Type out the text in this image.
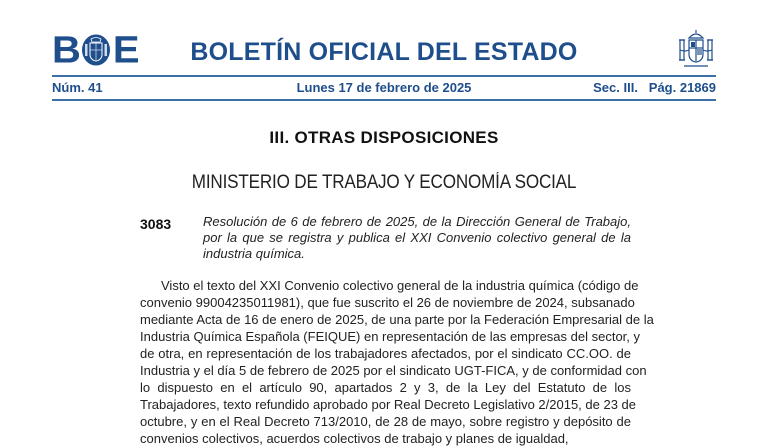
B E	BOLETÍN OFICIAL DEL ESTADO
Núm. 41	Lunes 17 de febrero de 2025	Sec. III.   Pág. 21869
III. OTRAS DISPOSICIONES
MINISTERIO DE TRABAJO Y ECONOMÍA SOCIAL
3083 Resolución de 6 de febrero de 2025, de la Dirección General de Trabajo, por la que se registra y publica el XXI Convenio colectivo general de la industria química.
Visto el texto del XXI Convenio colectivo general de la industria química (código de
convenio 99004235011981), que fue suscrito el 26 de noviembre de 2024, subsanado
mediante Acta de 16 de enero de 2025, de una parte por la Federación Empresarial de la
Industria Química Española (FEIQUE) en representación de las empresas del sector, y
de otra, en representación de los trabajadores afectados, por el sindicato CC.OO. de
Industria y el día 5 de febrero de 2025 por el sindicato UGT-FICA, y de conformidad con
lo dispuesto en el artículo 90, apartados 2 y 3, de la Ley del Estatuto de los
Trabajadores, texto refundido aprobado por Real Decreto Legislativo 2/2015, de 23 de
octubre, y en el Real Decreto 713/2010, de 28 de mayo, sobre registro y depósito de
convenios colectivos, acuerdos colectivos de trabajo y planes de igualdad,
